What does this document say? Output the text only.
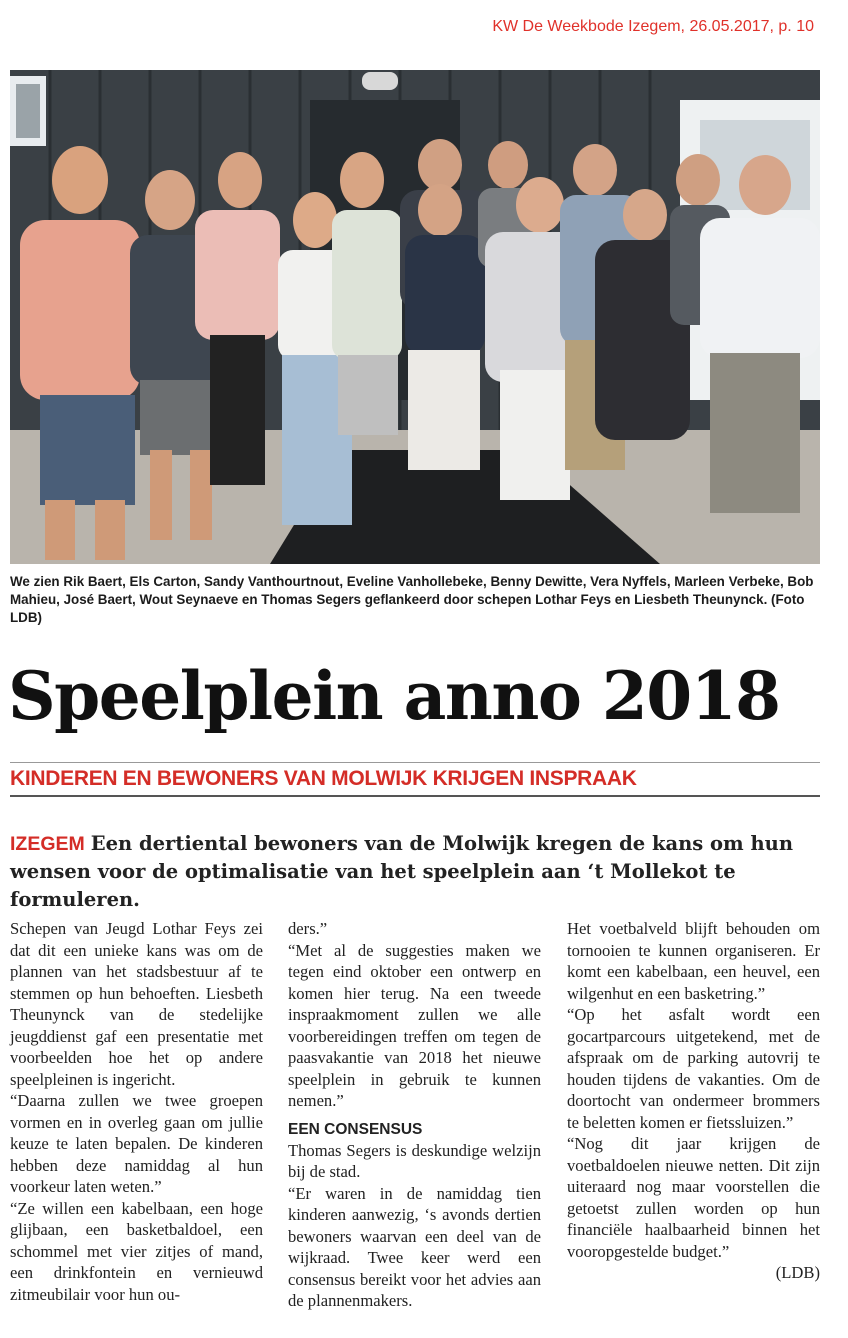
KW De Weekbode Izegem, 26.05.2017, p. 10
We zien Rik Baert, Els Carton, Sandy Vanthourtnout, Eveline Vanhollebeke, Benny Dewitte, Vera Nyffels, Marleen Verbeke, Bob Mahieu, José Baert, Wout Seynaeve en Thomas Segers geflankeerd door schepen Lothar Feys en Liesbeth Theunynck. (Foto LDB)
Speelplein anno 2018
KINDEREN EN BEWONERS VAN MOLWIJK KRIJGEN INSPRAAK
IZEGEM Een dertiental bewoners van de Molwijk kregen de kans om hun wensen voor de optimalisatie van het speelplein aan ‘t Mollekot te formuleren.

Schepen van Jeugd Lothar Feys zei dat dit een unieke kans was om de plannen van het stadsbestuur af te stemmen op hun behoeften. Liesbeth Theunynck van de stedelijke jeugddienst gaf een presentatie met voorbeelden hoe het op andere speelpleinen is ingericht.

“Daarna zullen we twee groepen vormen en in overleg gaan om jullie keuze te laten bepalen. De kinderen hebben deze namiddag al hun voorkeur laten weten.”

“Ze willen een kabelbaan, een hoge glijbaan, een basketbaldoel, een schommel met vier zitjes of mand, een drinkfontein en vernieuwd zitmeubilair voor hun ou-

ders.”

“Met al de suggesties maken we tegen eind oktober een ontwerp en komen hier terug. Na een tweede inspraakmoment zullen we alle voorbereidingen treffen om tegen de paasvakantie van 2018 het nieuwe speelplein in gebruik te kunnen nemen.”

EEN CONSENSUS

Thomas Segers is deskundige welzijn bij de stad.

“Er waren in de namiddag tien kinderen aanwezig, ‘s avonds dertien bewoners waarvan een deel van de wijkraad. Twee keer werd een consensus bereikt voor het advies aan de plannenmakers.

Het voetbalveld blijft behouden om tornooien te kunnen organiseren. Er komt een kabelbaan, een heuvel, een wilgenhut en een basketring.”

“Op het asfalt wordt een gocartparcours uitgetekend, met de afspraak om de parking autovrij te houden tijdens de vakanties. Om de doortocht van ondermeer brommers te beletten komen er fietssluizen.”

“Nog dit jaar krijgen de voetbaldoelen nieuwe netten. Dit zijn uiteraard nog maar voorstellen die getoetst zullen worden op hun financiële haalbaarheid binnen het vooropgestelde budget.”

(LDB)
